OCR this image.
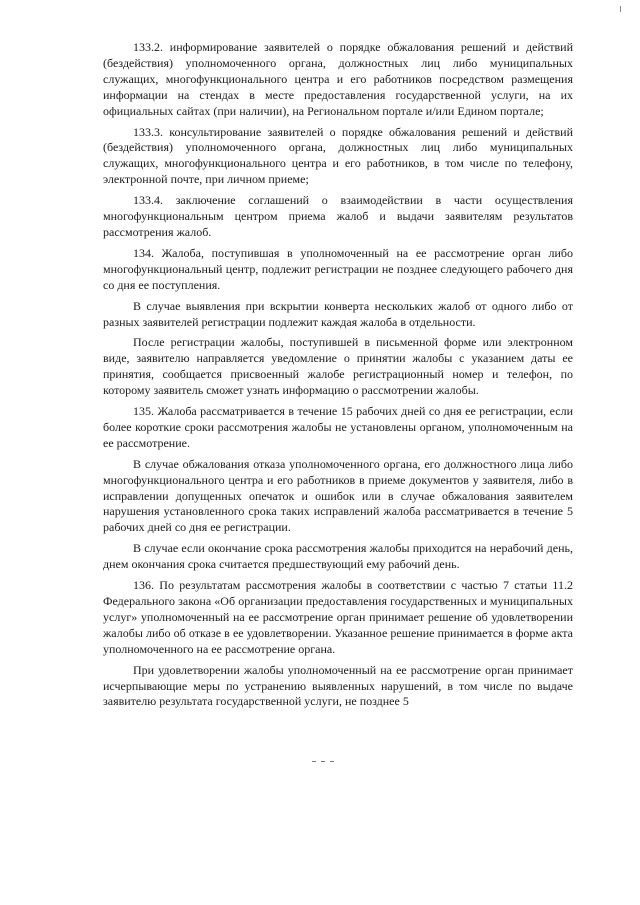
133.2. информирование заявителей о порядке обжалования решений и действий (бездействия) уполномоченного органа, должностных лиц либо муниципальных служащих, многофункционального центра и его работников посредством размещения информации на стендах в месте предоставления государственной услуги, на их официальных сайтах (при наличии), на Региональном портале и/или Едином портале;

133.3. консультирование заявителей о порядке обжалования решений и действий (бездействия) уполномоченного органа, должностных лиц либо муниципальных служащих, многофункционального центра и его работников, в том числе по телефону, электронной почте, при личном приеме;

133.4. заключение соглашений о взаимодействии в части осуществления многофункциональным центром приема жалоб и выдачи заявителям результатов рассмотрения жалоб.

134. Жалоба, поступившая в уполномоченный на ее рассмотрение орган либо многофункциональный центр, подлежит регистрации не позднее следующего рабочего дня со дня ее поступления.

В случае выявления при вскрытии конверта нескольких жалоб от одного либо от разных заявителей регистрации подлежит каждая жалоба в отдельности.

После регистрации жалобы, поступившей в письменной форме или электронном виде, заявителю направляется уведомление о принятии жалобы с указанием даты ее принятия, сообщается присвоенный жалобе регистрационный номер и телефон, по которому заявитель сможет узнать информацию о рассмотрении жалобы.

135. Жалоба рассматривается в течение 15 рабочих дней со дня ее регистрации, если более короткие сроки рассмотрения жалобы не установлены органом, уполномоченным на ее рассмотрение.

В случае обжалования отказа уполномоченного органа, его должностного лица либо многофункционального центра и его работников в приеме документов у заявителя, либо в исправлении допущенных опечаток и ошибок или в случае обжалования заявителем нарушения установленного срока таких исправлений жалоба рассматривается в течение 5 рабочих дней со дня ее регистрации.

В случае если окончание срока рассмотрения жалобы приходится на нерабочий день, днем окончания срока считается предшествующий ему рабочий день.

136. По результатам рассмотрения жалобы в соответствии с частью 7 статьи 11.2 Федерального закона «Об организации предоставления государственных и муниципальных услуг» уполномоченный на ее рассмотрение орган принимает решение об удовлетворении жалобы либо об отказе в ее удовлетворении. Указанное решение принимается в форме акта уполномоченного на ее рассмотрение органа.

При удовлетворении жалобы уполномоченный на ее рассмотрение орган принимает исчерпывающие меры по устранению выявленных нарушений, в том числе по выдаче заявителю результата государственной услуги, не позднее 5
